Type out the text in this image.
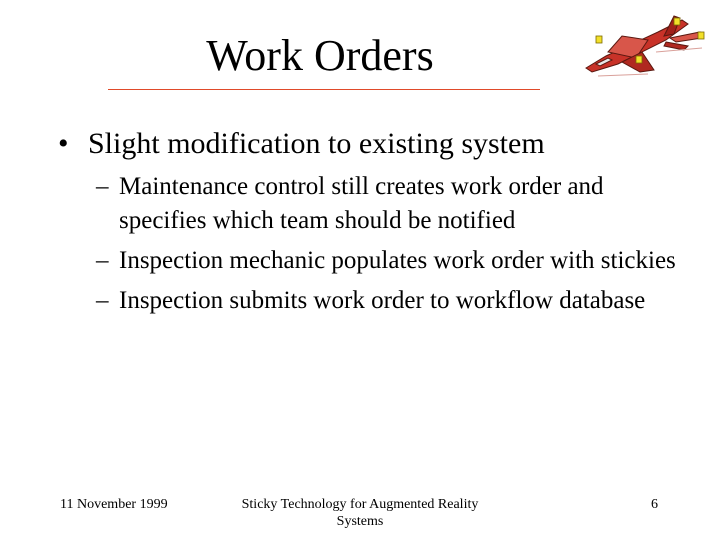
Work Orders
• Slight modification to existing system
– Maintenance control still creates work order and specifies which team should be notified
– Inspection mechanic populates work order with stickies
– Inspection submits work order to workflow database
11 November 1999	Sticky Technology for Augmented Reality Systems
6
